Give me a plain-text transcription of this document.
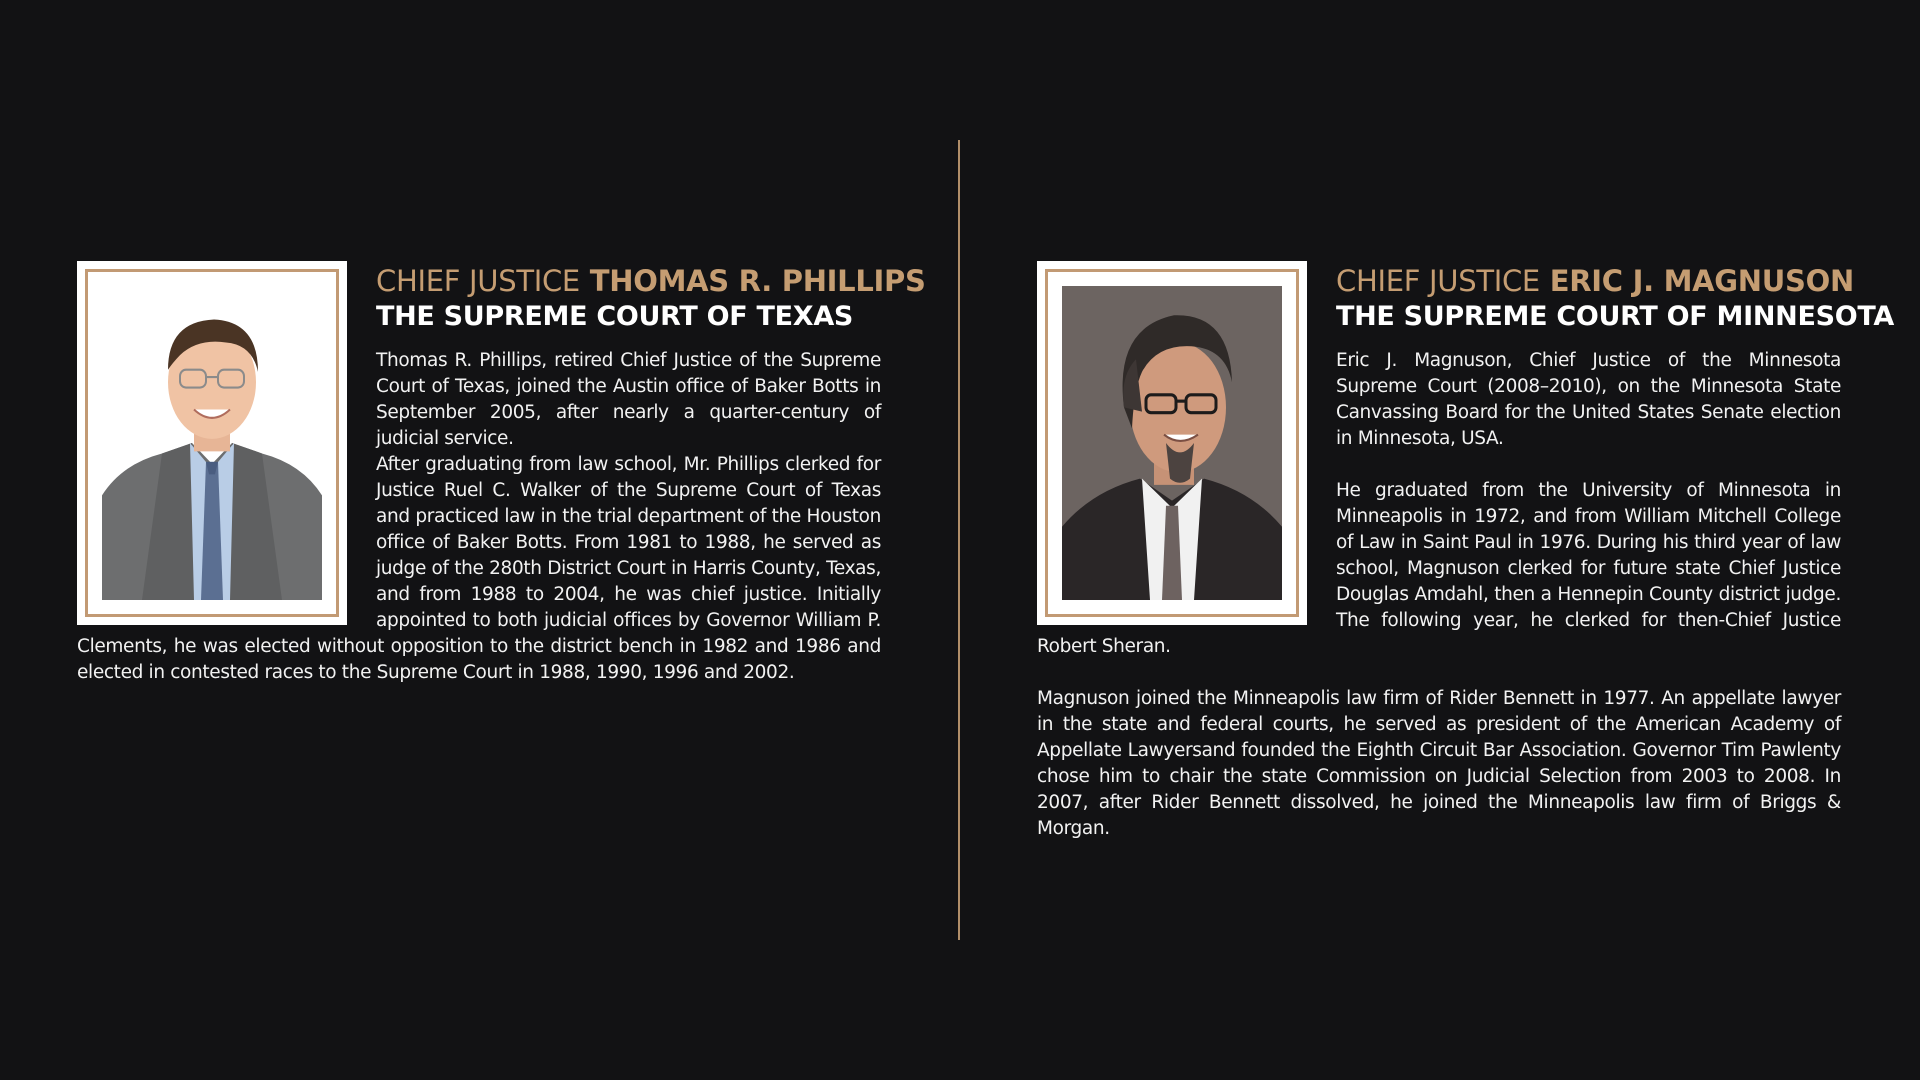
CHIEF JUSTICE THOMAS R. PHILLIPS
THE SUPREME COURT OF TEXAS

Thomas R. Phillips, retired Chief Justice of the Supreme Court of Texas, joined the Austin office of Baker Botts in September 2005, after nearly a quarter-century of judicial service.

After graduating from law school, Mr. Phillips clerked for Justice Ruel C. Walker of the Supreme Court of Texas and practiced law in the trial department of the Houston office of Baker Botts. From 1981 to 1988, he served as judge of the 280th District Court in Harris County, Texas, and from 1988 to 2004, he was chief justice. Initially appointed to both judicial offices by Governor William P. Clements, he was elected without opposition to the district bench in 1982 and 1986 and elected in contested races to the Supreme Court in 1988, 1990, 1996 and 2002.

CHIEF JUSTICE ERIC J. MAGNUSON
THE SUPREME COURT OF MINNESOTA

Eric J. Magnuson, Chief Justice of the Minnesota Supreme Court (2008–2010), on the Minnesota State Canvassing Board for the United States Senate election in Minnesota, USA.

He graduated from the University of Minnesota in Minneapolis in 1972, and from William Mitchell College of Law in Saint Paul in 1976. During his third year of law school, Magnuson clerked for future state Chief Justice Douglas Amdahl, then a Hennepin County district judge. The following year, he clerked for then-Chief Justice Robert Sheran.

Magnuson joined the Minneapolis law firm of Rider Bennett in 1977. An appellate lawyer in the state and federal courts, he served as president of the American Academy of Appellate Lawyersand founded the Eighth Circuit Bar Association. Governor Tim Pawlenty chose him to chair the state Commission on Judicial Selection from 2003 to 2008. In 2007, after Rider Bennett dissolved, he joined the Minneapolis law firm of Briggs & Morgan.
